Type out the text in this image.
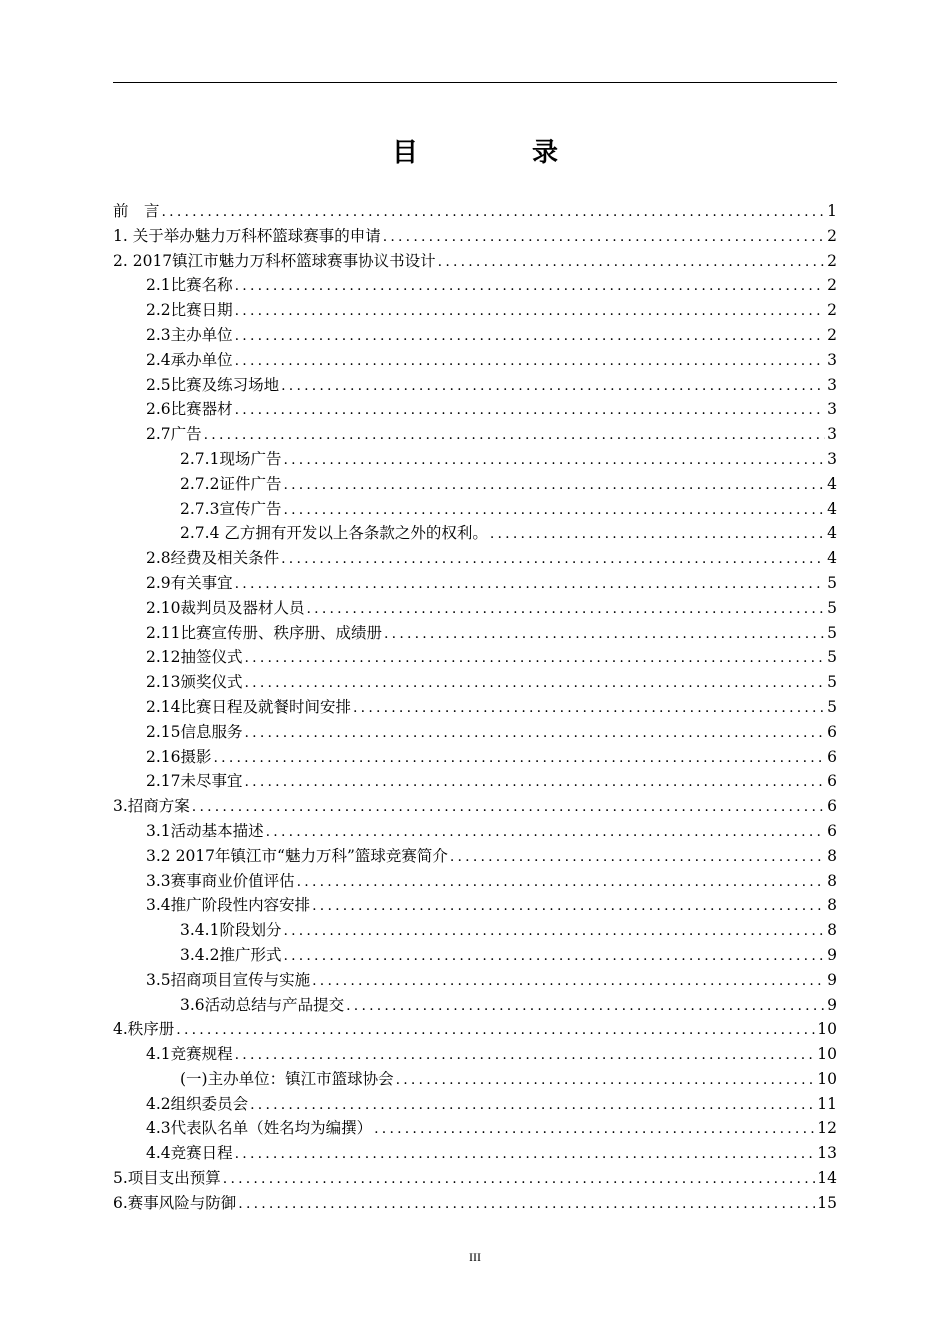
目　录
前　言 .....	1
1. 关于举办魅力万科杯篮球赛事的申请 .....	2
2. 2017镇江市魅力万科杯篮球赛事协议书设计 .....	2
2.1比赛名称 .....	2
2.2比赛日期 .....	2
2.3主办单位 .....	2
2.4承办单位 .....	3
2.5比赛及练习场地 .....	3
2.6比赛器材 .....	3
2.7广告 .....	3
2.7.1现场广告 .....	3
2.7.2证件广告 .....	4
2.7.3宣传广告 .....	4
2.7.4 乙方拥有开发以上各条款之外的权利。 .....	4
2.8经费及相关条件 .....	4
2.9有关事宜 .....	5
2.10裁判员及器材人员 .....	5
2.11比赛宣传册、秩序册、成绩册 .....	5
2.12抽签仪式 .....	5
2.13颁奖仪式 .....	5
2.14比赛日程及就餐时间安排 .....	5
2.15信息服务 .....	6
2.16摄影 .....	6
2.17未尽事宜 .....	6
3.招商方案 .....	6
3.1活动基本描述 .....	6
3.2 2017年镇江市“魅力万科”篮球竞赛简介 .....	8
3.3赛事商业价值评估 .....	8
3.4推广阶段性内容安排 .....	8
3.4.1阶段划分 .....	8
3.4.2推广形式 .....	9
3.5招商项目宣传与实施 .....	9
3.6活动总结与产品提交 .....	9
4.秩序册 .....	10
4.1竞赛规程 .....	10
(一)主办单位：镇江市篮球协会 .....	10
4.2组织委员会 .....	11
4.3代表队名单（姓名均为编撰） .....	12
4.4竞赛日程 .....	13
5.项目支出预算 .....	14
6.赛事风险与防御 .....	15
III
